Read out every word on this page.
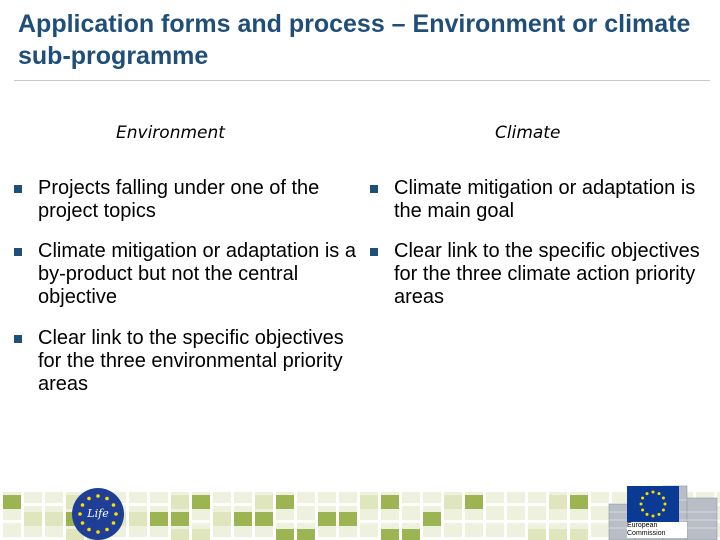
Application forms and process – Environment or climate sub-programme
Environment	Climate
Projects falling under one of the project topics
Climate mitigation or adaptation is a by-product but not the central objective
Clear link to the specific objectives for the three environmental priority areas
Climate mitigation or adaptation is the main goal
Clear link to the specific objectives for the three climate action priority areas
Life
European Commission
